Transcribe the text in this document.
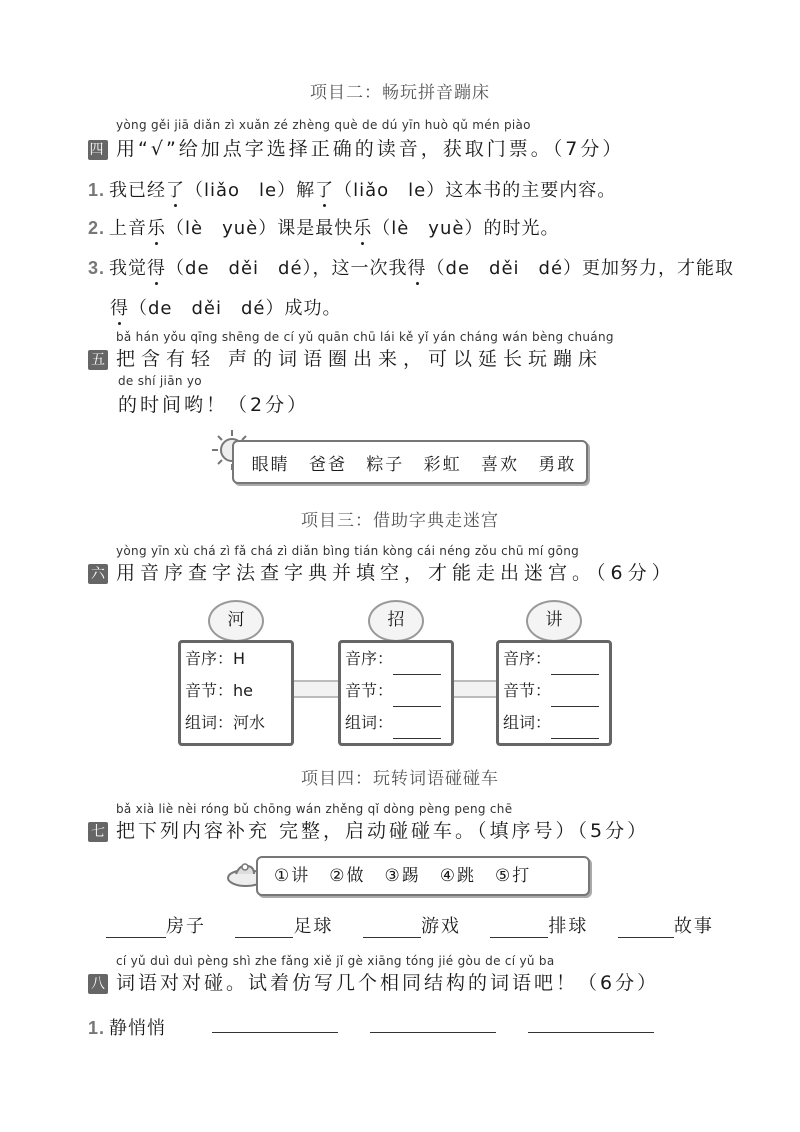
项目二：畅玩拼音蹦床
yòng gěi jiā diǎn zì xuǎn zé zhèng què de dú yīn huò qǔ mén piào
四 用“√”给加点字选择正确的读音，获取门票。（7分）
1. 我已经了（liǎo　le）解了（liǎo　le）这本书的主要内容。
2. 上音乐（lè　yuè）课是最快乐（lè　yuè）的时光。
3. 我觉得（de　děi　dé），这一次我得（de　děi　dé）更加努力，才能取
得（de　děi　dé）成功。
bǎ hán yǒu qīng shēng de cí yǔ quān chū lái kě yǐ yán cháng wán bèng chuáng
五 把含有轻 声的词语圈出来，可以延长玩蹦床
de shí jiān yo
的时间哟！（2分）
眼睛 爸爸 粽子 彩虹 喜欢 勇敢
项目三：借助字典走迷宫
yòng yīn xù chá zì fǎ chá zì diǎn bìng tián kòng cái néng zǒu chū mí gōng
六 用音序查字法查字典并填空，才能走出迷宫。（6分）
河	招	讲
音序：H
音节：he
组词：河水
音序：
音节：
组词：
音序：
音节：
组词：
项目四：玩转词语碰碰车
bǎ xià liè nèi róng bǔ chōng wán zhěng qǐ dòng pèng peng chē
七 把下列内容补充 完整，启动碰碰车。（填序号）（5分）
①讲　②做　③踢　④跳　⑤打
房子	足球	游戏	排球	故事
cí yǔ duì duì pèng shì zhe fǎng xiě jǐ gè xiāng tóng jié gòu de cí yǔ ba
八 词语对对碰。试着仿写几个相同结构的词语吧！（6分）
1. 静悄悄
